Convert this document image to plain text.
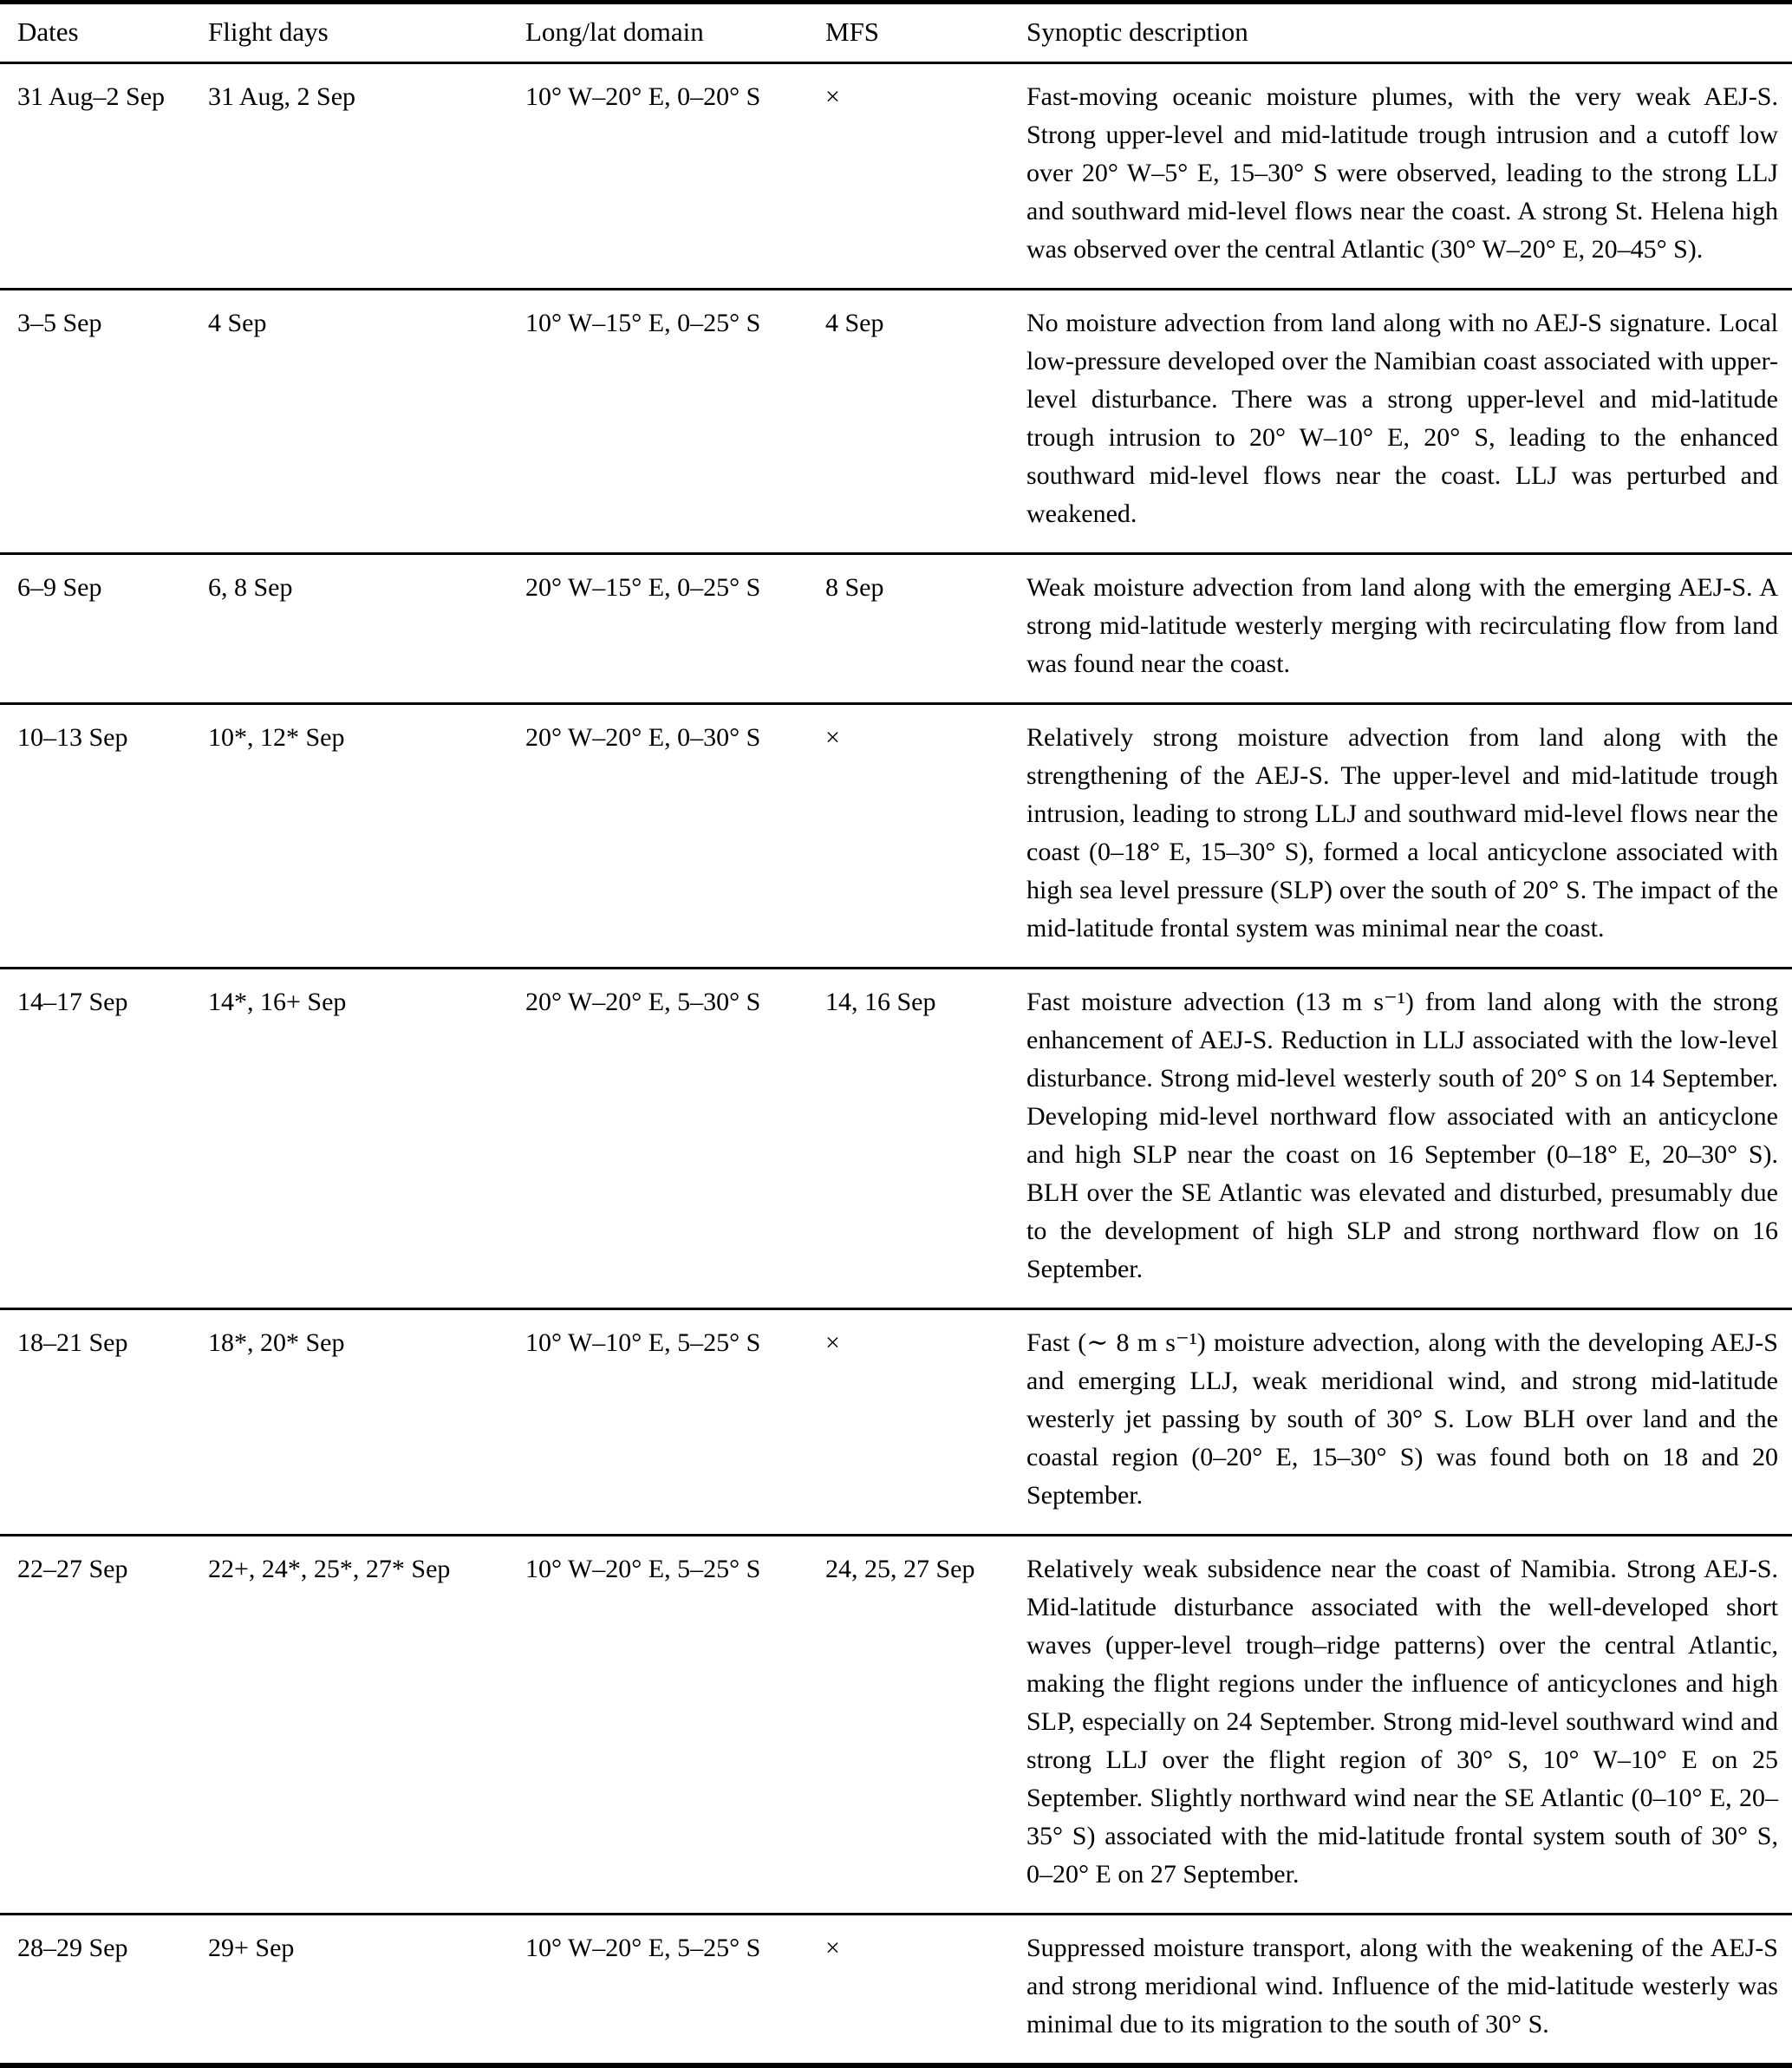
Dates	Flight days	Long/lat domain	MFS	Synoptic description
31 Aug–2 Sep	31 Aug, 2 Sep	10° W–20° E, 0–20° S	×	Fast-moving oceanic moisture plumes, with the very weak AEJ-S. Strong upper-level and mid-latitude trough intrusion and a cutoff low over 20° W–5° E, 15–30° S were observed, leading to the strong LLJ and southward mid-level flows near the coast. A strong St. Helena high was observed over the central Atlantic (30° W–20° E, 20–45° S).
3–5 Sep	4 Sep	10° W–15° E, 0–25° S	4 Sep	No moisture advection from land along with no AEJ-S signature. Local low-pressure developed over the Namibian coast associated with upper-level disturbance. There was a strong upper-level and mid-latitude trough intrusion to 20° W–10° E, 20° S, leading to the enhanced southward mid-level flows near the coast. LLJ was perturbed and weakened.
6–9 Sep	6, 8 Sep	20° W–15° E, 0–25° S	8 Sep	Weak moisture advection from land along with the emerging AEJ-S. A strong mid-latitude westerly merging with recirculating flow from land was found near the coast.
10–13 Sep	10*, 12* Sep	20° W–20° E, 0–30° S	×	Relatively strong moisture advection from land along with the strengthening of the AEJ-S. The upper-level and mid-latitude trough intrusion, leading to strong LLJ and southward mid-level flows near the coast (0–18° E, 15–30° S), formed a local anticyclone associated with high sea level pressure (SLP) over the south of 20° S. The impact of the mid-latitude frontal system was minimal near the coast.
14–17 Sep	14*, 16+ Sep	20° W–20° E, 5–30° S	14, 16 Sep	Fast moisture advection (13 m s⁻¹) from land along with the strong enhancement of AEJ-S. Reduction in LLJ associated with the low-level disturbance. Strong mid-level westerly south of 20° S on 14 September. Developing mid-level northward flow associated with an anticyclone and high SLP near the coast on 16 September (0–18° E, 20–30° S). BLH over the SE Atlantic was elevated and disturbed, presumably due to the development of high SLP and strong northward flow on 16 September.
18–21 Sep	18*, 20* Sep	10° W–10° E, 5–25° S	×	Fast (∼ 8 m s⁻¹) moisture advection, along with the developing AEJ-S and emerging LLJ, weak meridional wind, and strong mid-latitude westerly jet passing by south of 30° S. Low BLH over land and the coastal region (0–20° E, 15–30° S) was found both on 18 and 20 September.
22–27 Sep	22+, 24*, 25*, 27* Sep	10° W–20° E, 5–25° S	24, 25, 27 Sep	Relatively weak subsidence near the coast of Namibia. Strong AEJ-S. Mid-latitude disturbance associated with the well-developed short waves (upper-level trough–ridge patterns) over the central Atlantic, making the flight regions under the influence of anticyclones and high SLP, especially on 24 September. Strong mid-level southward wind and strong LLJ over the flight region of 30° S, 10° W–10° E on 25 September. Slightly northward wind near the SE Atlantic (0–10° E, 20–35° S) associated with the mid-latitude frontal system south of 30° S, 0–20° E on 27 September.
28–29 Sep	29+ Sep	10° W–20° E, 5–25° S	×	Suppressed moisture transport, along with the weakening of the AEJ-S and strong meridional wind. Influence of the mid-latitude westerly was minimal due to its migration to the south of 30° S.
